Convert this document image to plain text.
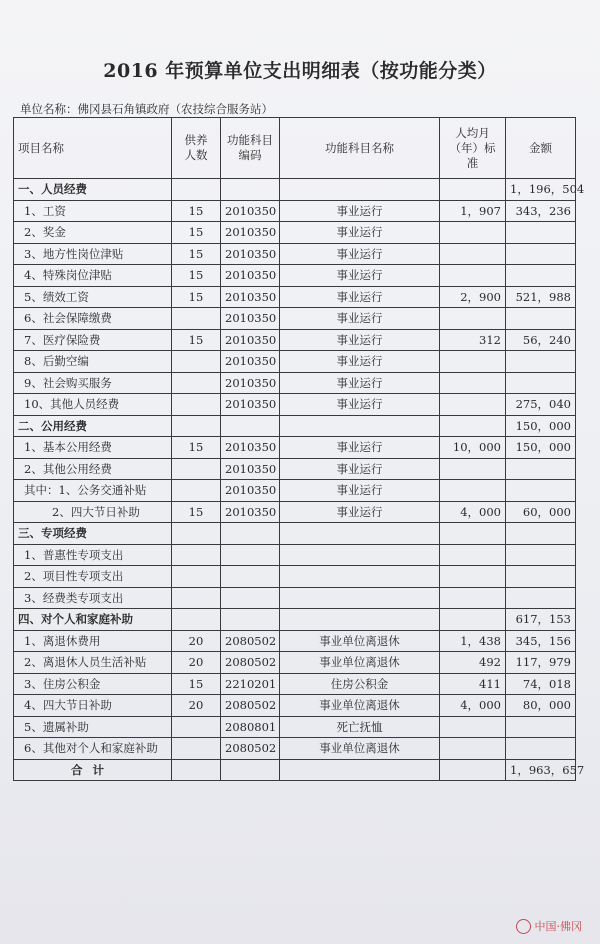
2016 年预算单位支出明细表（按功能分类）
单位名称：佛冈县石角镇政府（农技综合服务站）
项目名称	供养人数	功能科目编码	功能科目名称	人均月（年）标准	金额
一、人员经费					1，196，504
1、工资	15	2010350	事业运行	1，907	343，236
2、奖金	15	2010350	事业运行		
3、地方性岗位津贴	15	2010350	事业运行		
4、特殊岗位津贴	15	2010350	事业运行		
5、绩效工资	15	2010350	事业运行	2，900	521，988
6、社会保障缴费		2010350	事业运行		
7、医疗保险费	15	2010350	事业运行	312	56，240
8、后勤空编		2010350	事业运行		
9、社会购买服务		2010350	事业运行		
10、其他人员经费		2010350	事业运行		275，040
二、公用经费					150，000
1、基本公用经费	15	2010350	事业运行	10，000	150，000
2、其他公用经费		2010350	事业运行		
其中：1、公务交通补贴		2010350	事业运行		
2、四大节日补助	15	2010350	事业运行	4，000	60，000
三、专项经费					
1、普惠性专项支出					
2、项目性专项支出					
3、经费类专项支出					
四、对个人和家庭补助					617，153
1、离退休费用	20	2080502	事业单位离退休	1，438	345，156
2、离退休人员生活补贴	20	2080502	事业单位离退休	492	117，979
3、住房公积金	15	2210201	住房公积金	411	74，018
4、四大节日补助	20	2080502	事业单位离退休	4，000	80，000
5、遗属补助		2080801	死亡抚恤		
6、其他对个人和家庭补助		2080502	事业单位离退休		
合计					1，963，657
中国·佛冈
